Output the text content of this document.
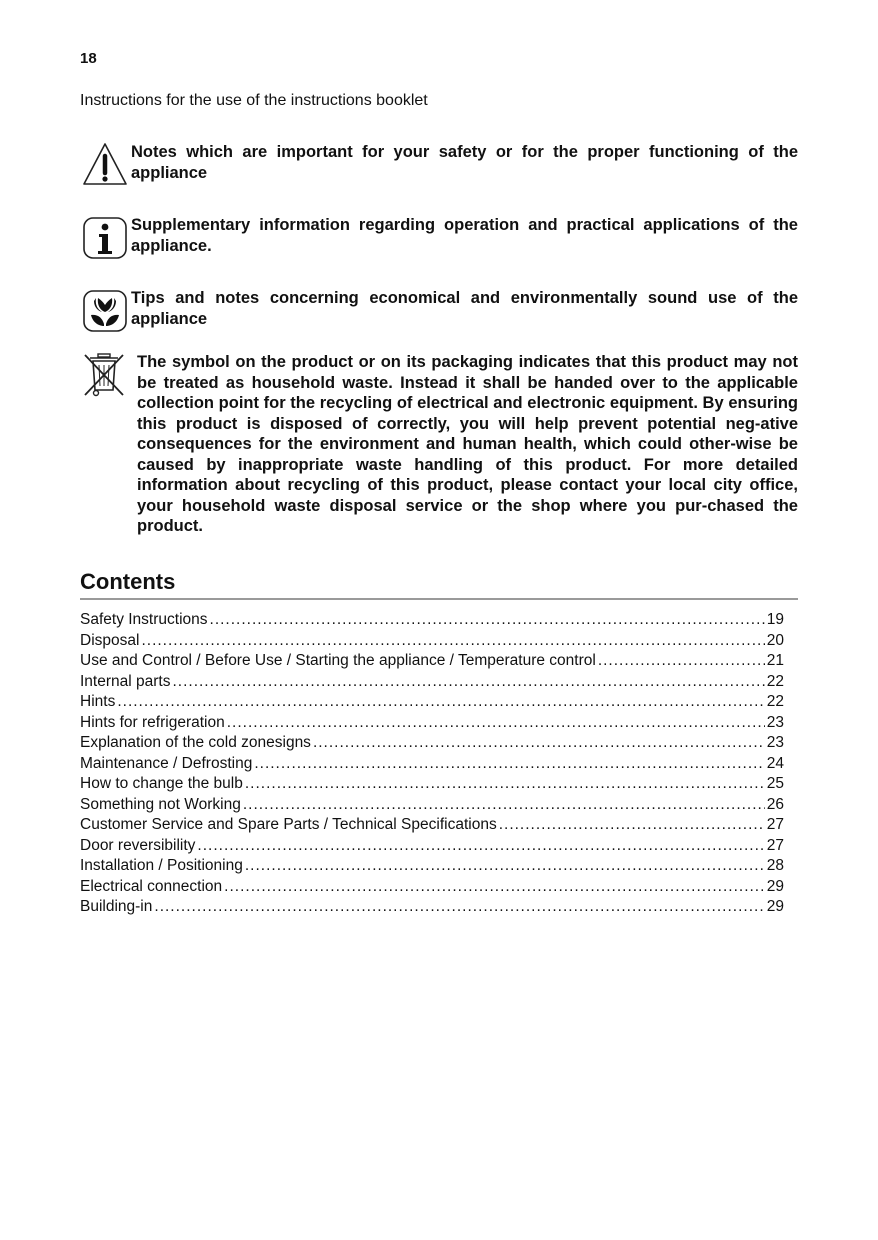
18
Instructions for the use of the instructions booklet
Notes which are important for your safety or for the proper functioning of the appliance
Supplementary information regarding operation and practical applications of the appliance.
Tips and notes concerning economical and environmentally sound use of the appliance
The symbol on the product or on its packaging indicates that this product may not be treated as household waste. Instead it shall be handed over to the applicable collection point for the recycling of electrical and electronic equipment. By ensuring this product is disposed of correctly, you will help prevent potential neg-ative consequences for the environment and human health, which could other-wise be caused by inappropriate waste handling of this product. For more detailed information about recycling of this product, please contact your local city office, your household waste disposal service or the shop where you pur-chased the product.
Contents
Safety Instructions .....	19
Disposal .....	20
Use and Control / Before Use / Starting the appliance / Temperature control .....	21
Internal parts .....	22
Hints .....	22
Hints for refrigeration .....	23
Explanation of the cold zonesigns .....	23
Maintenance / Defrosting .....	24
How to change the bulb .....	25
Something not Working .....	26
Customer Service and Spare Parts / Technical Specifications .....	27
Door reversibility .....	27
Installation / Positioning .....	28
Electrical connection .....	29
Building-in .....	29
